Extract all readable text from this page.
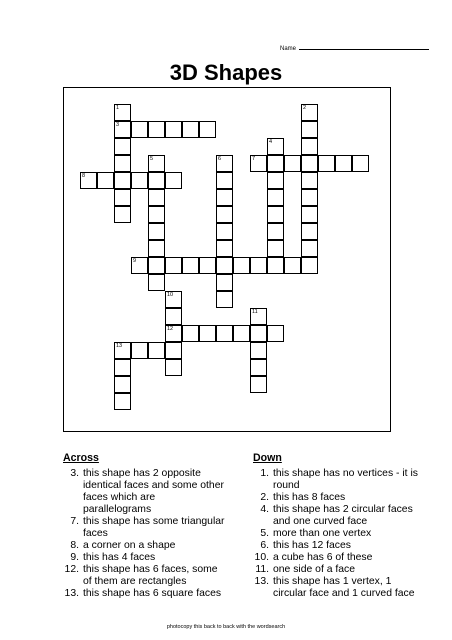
Name
3D Shapes
3
7
8
9
12
13
1	2
4
5	6
10
11
Across
3. this shape has 2 opposite identical faces and some other faces which are parallelograms
7. this shape has some triangular faces
8. a corner on a shape
9. this has 4 faces
12. this shape has 6 faces, some of them are rectangles
13. this shape has 6 square faces
Down
1. this shape has no vertices - it is round
2. this has 8 faces
4. this shape has 2 circular faces and one curved face
5. more than one vertex
6. this has 12 faces
10. a cube has 6 of these
11. one side of a face
13. this shape has 1 vertex, 1 circular face and 1 curved face
photocopy this back to back with the wordsearch
